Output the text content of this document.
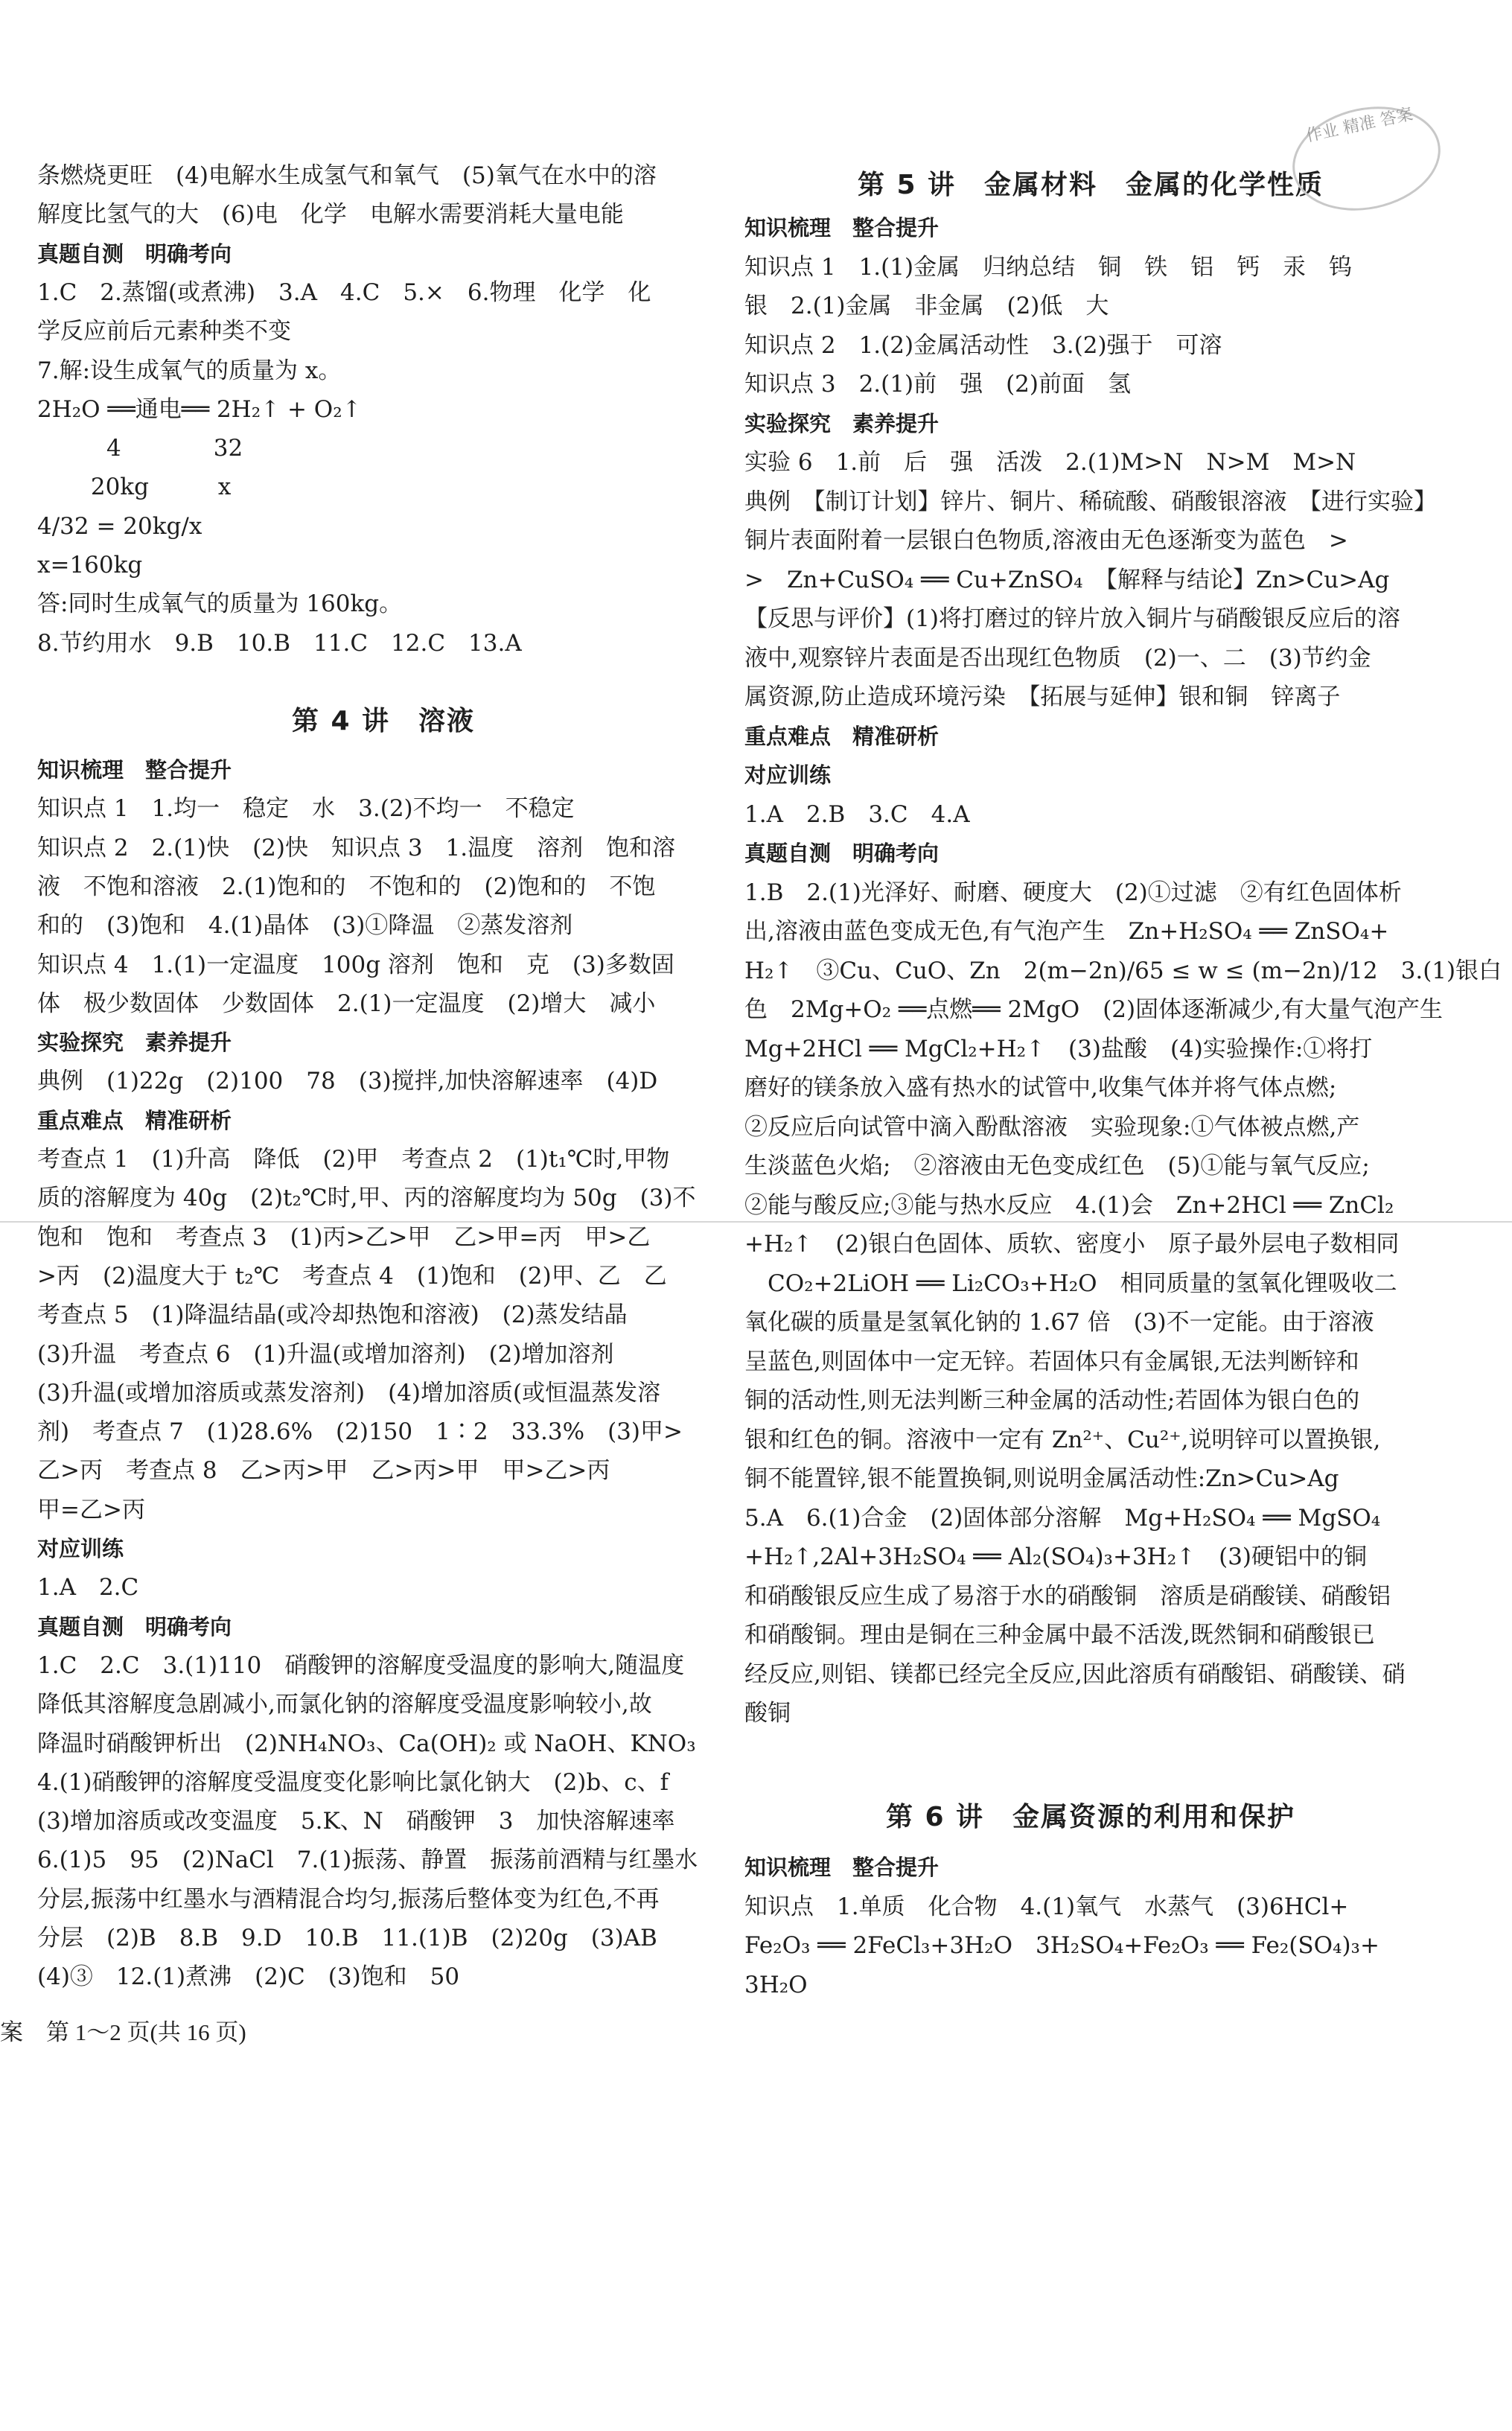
条燃烧更旺　(4)电解水生成氢气和氧气　(5)氧气在水中的溶
解度比氢气的大　(6)电　化学　电解水需要消耗大量电能
真题自测　明确考向
1.C　2.蒸馏(或煮沸)　3.A　4.C　5.×　6.物理　化学　化
学反应前后元素种类不变
7.解:设生成氧气的质量为 x。
2H₂O ══通电══ 2H₂↑ + O₂↑
　　　4　　　　32
　　 20kg　　　x
4/32 = 20kg/x
x=160kg
答:同时生成氧气的质量为 160kg。
8.节约用水　9.B　10.B　11.C　12.C　13.A
第 4 讲　溶液
知识梳理　整合提升
知识点 1　1.均一　稳定　水　3.(2)不均一　不稳定
知识点 2　2.(1)快　(2)快　知识点 3　1.温度　溶剂　饱和溶
液　不饱和溶液　2.(1)饱和的　不饱和的　(2)饱和的　不饱
和的　(3)饱和　4.(1)晶体　(3)①降温　②蒸发溶剂
知识点 4　1.(1)一定温度　100g 溶剂　饱和　克　(3)多数固
体　极少数固体　少数固体　2.(1)一定温度　(2)增大　减小
实验探究　素养提升
典例　(1)22g　(2)100　78　(3)搅拌,加快溶解速率　(4)D
重点难点　精准研析
考查点 1　(1)升高　降低　(2)甲　考查点 2　(1)t₁℃时,甲物
质的溶解度为 40g　(2)t₂℃时,甲、丙的溶解度均为 50g　(3)不
饱和　饱和　考查点 3　(1)丙>乙>甲　乙>甲=丙　甲>乙
>丙　(2)温度大于 t₂℃　考查点 4　(1)饱和　(2)甲、乙　乙
考查点 5　(1)降温结晶(或冷却热饱和溶液)　(2)蒸发结晶
(3)升温　考查点 6　(1)升温(或增加溶剂)　(2)增加溶剂
(3)升温(或增加溶质或蒸发溶剂)　(4)增加溶质(或恒温蒸发溶
剂)　考查点 7　(1)28.6%　(2)150　1∶2　33.3%　(3)甲>
乙>丙　考查点 8　乙>丙>甲　乙>丙>甲　甲>乙>丙
甲=乙>丙
对应训练
1.A　2.C
真题自测　明确考向
1.C　2.C　3.(1)110　硝酸钾的溶解度受温度的影响大,随温度
降低其溶解度急剧减小,而氯化钠的溶解度受温度影响较小,故
降温时硝酸钾析出　(2)NH₄NO₃、Ca(OH)₂ 或 NaOH、KNO₃
4.(1)硝酸钾的溶解度受温度变化影响比氯化钠大　(2)b、c、f
(3)增加溶质或改变温度　5.K、N　硝酸钾　3　加快溶解速率
6.(1)5　95　(2)NaCl　7.(1)振荡、静置　振荡前酒精与红墨水
分层,振荡中红墨水与酒精混合均匀,振荡后整体变为红色,不再
分层　(2)B　8.B　9.D　10.B　11.(1)B　(2)20g　(3)AB
(4)③　12.(1)煮沸　(2)C　(3)饱和　50
第 5 讲　金属材料　金属的化学性质
知识梳理　整合提升
知识点 1　1.(1)金属　归纳总结　铜　铁　铝　钙　汞　钨
银　2.(1)金属　非金属　(2)低　大
知识点 2　1.(2)金属活动性　3.(2)强于　可溶
知识点 3　2.(1)前　强　(2)前面　氢
实验探究　素养提升
实验 6　1.前　后　强　活泼　2.(1)M>N　N>M　M>N
典例　【制订计划】锌片、铜片、稀硫酸、硝酸银溶液　【进行实验】
铜片表面附着一层银白色物质,溶液由无色逐渐变为蓝色　>
>　Zn+CuSO₄ ══ Cu+ZnSO₄　【解释与结论】Zn>Cu>Ag
【反思与评价】(1)将打磨过的锌片放入铜片与硝酸银反应后的溶
液中,观察锌片表面是否出现红色物质　(2)一、二　(3)节约金
属资源,防止造成环境污染　【拓展与延伸】银和铜　锌离子
重点难点　精准研析
对应训练
1.A　2.B　3.C　4.A
真题自测　明确考向
1.B　2.(1)光泽好、耐磨、硬度大　(2)①过滤　②有红色固体析
出,溶液由蓝色变成无色,有气泡产生　Zn+H₂SO₄ ══ ZnSO₄+
H₂↑　③Cu、CuO、Zn　2(m−2n)/65 ≤ w ≤ (m−2n)/12　3.(1)银白
色　2Mg+O₂ ══点燃══ 2MgO　(2)固体逐渐减少,有大量气泡产生
Mg+2HCl ══ MgCl₂+H₂↑　(3)盐酸　(4)实验操作:①将打
磨好的镁条放入盛有热水的试管中,收集气体并将气体点燃;
②反应后向试管中滴入酚酞溶液　实验现象:①气体被点燃,产
生淡蓝色火焰;　②溶液由无色变成红色　(5)①能与氧气反应;
②能与酸反应;③能与热水反应　4.(1)会　Zn+2HCl ══ ZnCl₂
+H₂↑　(2)银白色固体、质软、密度小　原子最外层电子数相同
　CO₂+2LiOH ══ Li₂CO₃+H₂O　相同质量的氢氧化锂吸收二
氧化碳的质量是氢氧化钠的 1.67 倍　(3)不一定能。由于溶液
呈蓝色,则固体中一定无锌。若固体只有金属银,无法判断锌和
铜的活动性,则无法判断三种金属的活动性;若固体为银白色的
银和红色的铜。溶液中一定有 Zn²⁺、Cu²⁺,说明锌可以置换银,
铜不能置锌,银不能置换铜,则说明金属活动性:Zn>Cu>Ag
5.A　6.(1)合金　(2)固体部分溶解　Mg+H₂SO₄ ══ MgSO₄
+H₂↑,2Al+3H₂SO₄ ══ Al₂(SO₄)₃+3H₂↑　(3)硬铝中的铜
和硝酸银反应生成了易溶于水的硝酸铜　溶质是硝酸镁、硝酸铝
和硝酸铜。理由是铜在三种金属中最不活泼,既然铜和硝酸银已
经反应,则铝、镁都已经完全反应,因此溶质有硝酸铝、硝酸镁、硝
酸铜
第 6 讲　金属资源的利用和保护
知识梳理　整合提升
知识点　1.单质　化合物　4.(1)氧气　水蒸气　(3)6HCl+
Fe₂O₃ ══ 2FeCl₃+3H₂O　3H₂SO₄+Fe₂O₃ ══ Fe₂(SO₄)₃+
3H₂O
案　第 1～2 页(共 16 页)
作业 精准 答案
